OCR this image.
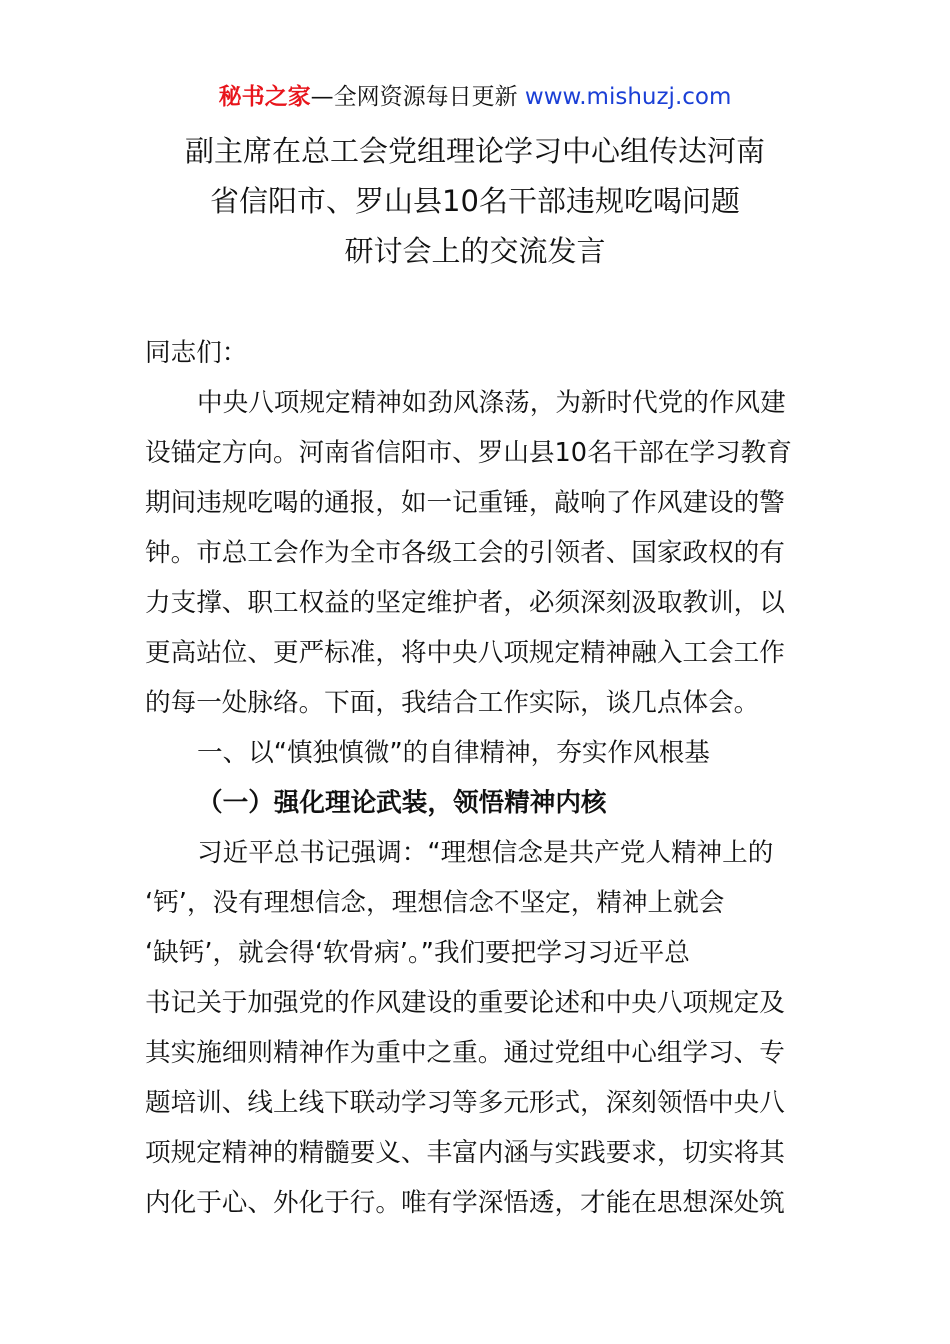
秘书之家—全网资源每日更新 www.mishuzj.com
副主席在总工会党组理论学习中心组传达河南
省信阳市、罗山县10名干部违规吃喝问题
研讨会上的交流发言
同志们：
中央八项规定精神如劲风涤荡，为新时代党的作风建
设锚定方向。河南省信阳市、罗山县10名干部在学习教育
期间违规吃喝的通报，如一记重锤，敲响了作风建设的警
钟。市总工会作为全市各级工会的引领者、国家政权的有
力支撑、职工权益的坚定维护者，必须深刻汲取教训，以
更高站位、更严标准，将中央八项规定精神融入工会工作
的每一处脉络。下面，我结合工作实际，谈几点体会。
一、以“慎独慎微”的自律精神，夯实作风根基
（一）强化理论武装，领悟精神内核
习近平总书记强调：“理想信念是共产党人精神上的
‘钙’，没有理想信念，理想信念不坚定，精神上就会
‘缺钙’，就会得‘软骨病’。”我们要把学习习近平总
书记关于加强党的作风建设的重要论述和中央八项规定及
其实施细则精神作为重中之重。通过党组中心组学习、专
题培训、线上线下联动学习等多元形式，深刻领悟中央八
项规定精神的精髓要义、丰富内涵与实践要求，切实将其
内化于心、外化于行。唯有学深悟透，才能在思想深处筑
